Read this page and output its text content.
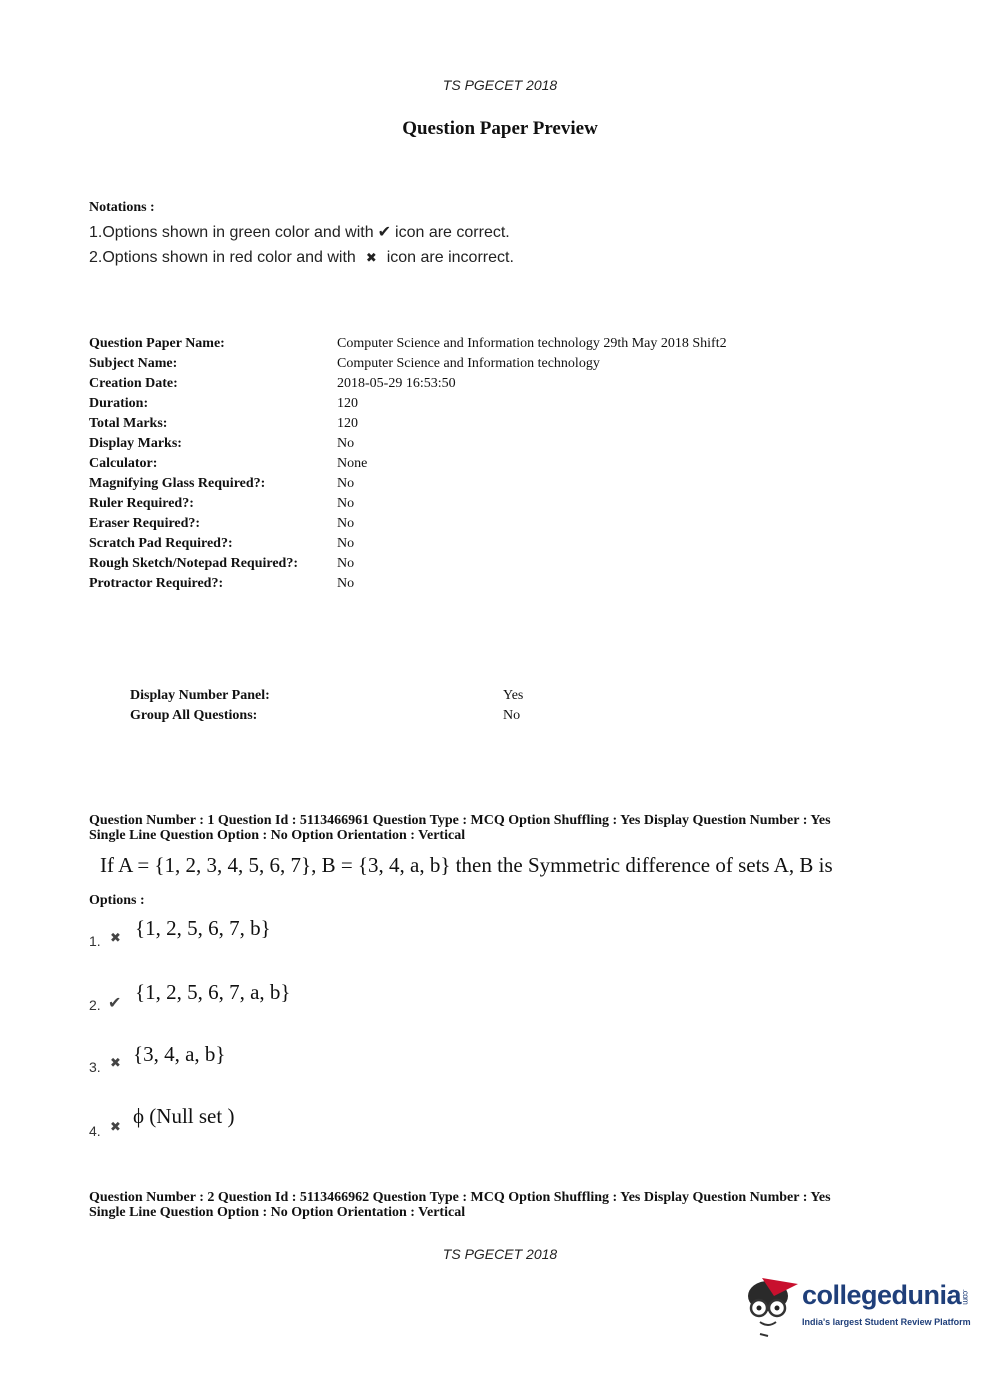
TS PGECET 2018
Question Paper Preview
Notations :
1.Options shown in green color and with ✔ icon are correct.
2.Options shown in red color and with ✖ icon are incorrect.
Question Paper Name:	Computer Science and Information technology 29th May 2018 Shift2
Subject Name:	Computer Science and Information technology
Creation Date:	2018-05-29 16:53:50
Duration:	120
Total Marks:	120
Display Marks:	No
Calculator:	None
Magnifying Glass Required?:	No
Ruler Required?:	No
Eraser Required?:	No
Scratch Pad Required?:	No
Rough Sketch/Notepad Required?:	No
Protractor Required?:	No
Display Number Panel:	Yes
Group All Questions:	No
Question Number : 1 Question Id : 5113466961 Question Type : MCQ Option Shuffling : Yes Display Question Number : Yes
Single Line Question Option : No Option Orientation : Vertical
If A = {1, 2, 3, 4, 5, 6, 7}, B = {3, 4, a, b} then the Symmetric difference of sets A, B is
Options :
1. ✖ {1, 2, 5, 6, 7, b}
2. ✔ {1, 2, 5, 6, 7, a, b}
3. ✖ {3, 4, a, b}
4. ✖ ϕ (Null set )
Question Number : 2 Question Id : 5113466962 Question Type : MCQ Option Shuffling : Yes Display Question Number : Yes
Single Line Question Option : No Option Orientation : Vertical
TS PGECET 2018
collegedunia.com
India's largest Student Review Platform
